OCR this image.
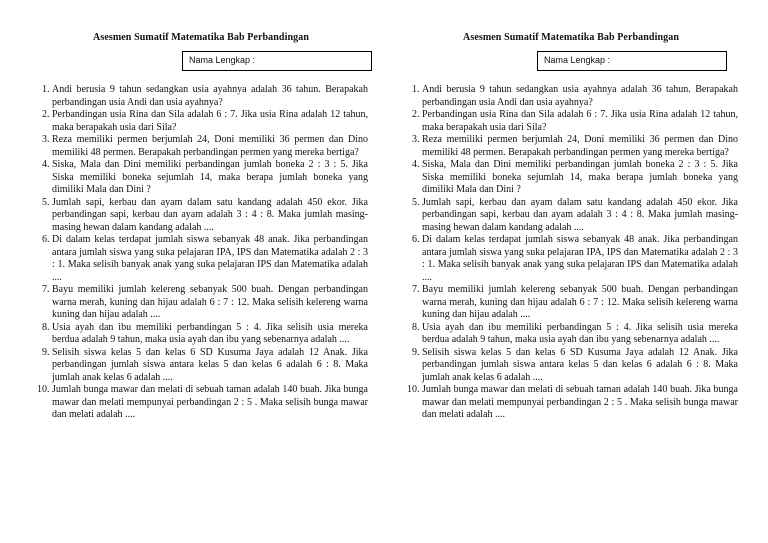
Asesmen Sumatif Matematika Bab Perbandingan
Nama Lengkap :
1. Andi berusia 9 tahun sedangkan usia ayahnya adalah 36 tahun. Berapakah perbandingan usia Andi dan usia ayahnya?
2. Perbandingan usia Rina dan Sila adalah 6 : 7. Jika usia Rina adalah 12 tahun, maka berapakah usia dari Sila?
3. Reza memiliki permen berjumlah 24, Doni memiliki 36 permen dan Dino memiliki 48 permen. Berapakah perbandingan permen yang mereka bertiga?
4. Siska, Mala dan Dini memiliki perbandingan jumlah boneka 2 : 3 : 5. Jika Siska memiliki boneka sejumlah 14, maka berapa jumlah boneka yang dimiliki Mala dan Dini ?
5. Jumlah sapi, kerbau dan ayam dalam satu kandang adalah 450 ekor. Jika perbandingan sapi, kerbau dan ayam adalah 3 : 4 : 8. Maka jumlah masing-masing hewan dalam kandang adalah ....
6. Di dalam kelas terdapat jumlah siswa sebanyak 48 anak. Jika perbandingan antara jumlah siswa yang suka pelajaran IPA, IPS dan Matematika adalah 2 : 3 : 1. Maka selisih banyak anak yang suka pelajaran IPS dan Matematika adalah ....
7. Bayu memiliki jumlah kelereng sebanyak 500 buah. Dengan perbandingan warna merah, kuning dan hijau adalah 6 : 7 : 12. Maka selisih kelereng warna kuning dan hijau adalah ....
8. Usia ayah dan ibu memiliki perbandingan 5 : 4. Jika selisih usia mereka berdua adalah 9 tahun, maka usia ayah dan ibu yang sebenarnya adalah ....
9. Selisih siswa kelas 5 dan kelas 6 SD Kusuma Jaya adalah 12 Anak. Jika perbandingan jumlah siswa antara kelas 5 dan kelas 6 adalah 6 : 8. Maka jumlah anak kelas 6 adalah ....
10. Jumlah bunga mawar dan melati di sebuah taman adalah 140 buah. Jika bunga mawar dan melati mempunyai perbandingan 2 : 5 . Maka selisih bunga mawar dan melati adalah ....
Asesmen Sumatif Matematika Bab Perbandingan
Nama Lengkap :
1. Andi berusia 9 tahun sedangkan usia ayahnya adalah 36 tahun. Berapakah perbandingan usia Andi dan usia ayahnya?
2. Perbandingan usia Rina dan Sila adalah 6 : 7. Jika usia Rina adalah 12 tahun, maka berapakah usia dari Sila?
3. Reza memiliki permen berjumlah 24, Doni memiliki 36 permen dan Dino memiliki 48 permen. Berapakah perbandingan permen yang mereka bertiga?
4. Siska, Mala dan Dini memiliki perbandingan jumlah boneka 2 : 3 : 5. Jika Siska memiliki boneka sejumlah 14, maka berapa jumlah boneka yang dimiliki Mala dan Dini ?
5. Jumlah sapi, kerbau dan ayam dalam satu kandang adalah 450 ekor. Jika perbandingan sapi, kerbau dan ayam adalah 3 : 4 : 8. Maka jumlah masing-masing hewan dalam kandang adalah ....
6. Di dalam kelas terdapat jumlah siswa sebanyak 48 anak. Jika perbandingan antara jumlah siswa yang suka pelajaran IPA, IPS dan Matematika adalah 2 : 3 : 1. Maka selisih banyak anak yang suka pelajaran IPS dan Matematika adalah ....
7. Bayu memiliki jumlah kelereng sebanyak 500 buah. Dengan perbandingan warna merah, kuning dan hijau adalah 6 : 7 : 12. Maka selisih kelereng warna kuning dan hijau adalah ....
8. Usia ayah dan ibu memiliki perbandingan 5 : 4. Jika selisih usia mereka berdua adalah 9 tahun, maka usia ayah dan ibu yang sebenarnya adalah ....
9. Selisih siswa kelas 5 dan kelas 6 SD Kusuma Jaya adalah 12 Anak. Jika perbandingan jumlah siswa antara kelas 5 dan kelas 6 adalah 6 : 8. Maka jumlah anak kelas 6 adalah ....
10. Jumlah bunga mawar dan melati di sebuah taman adalah 140 buah. Jika bunga mawar dan melati mempunyai perbandingan 2 : 5 . Maka selisih bunga mawar dan melati adalah ....
